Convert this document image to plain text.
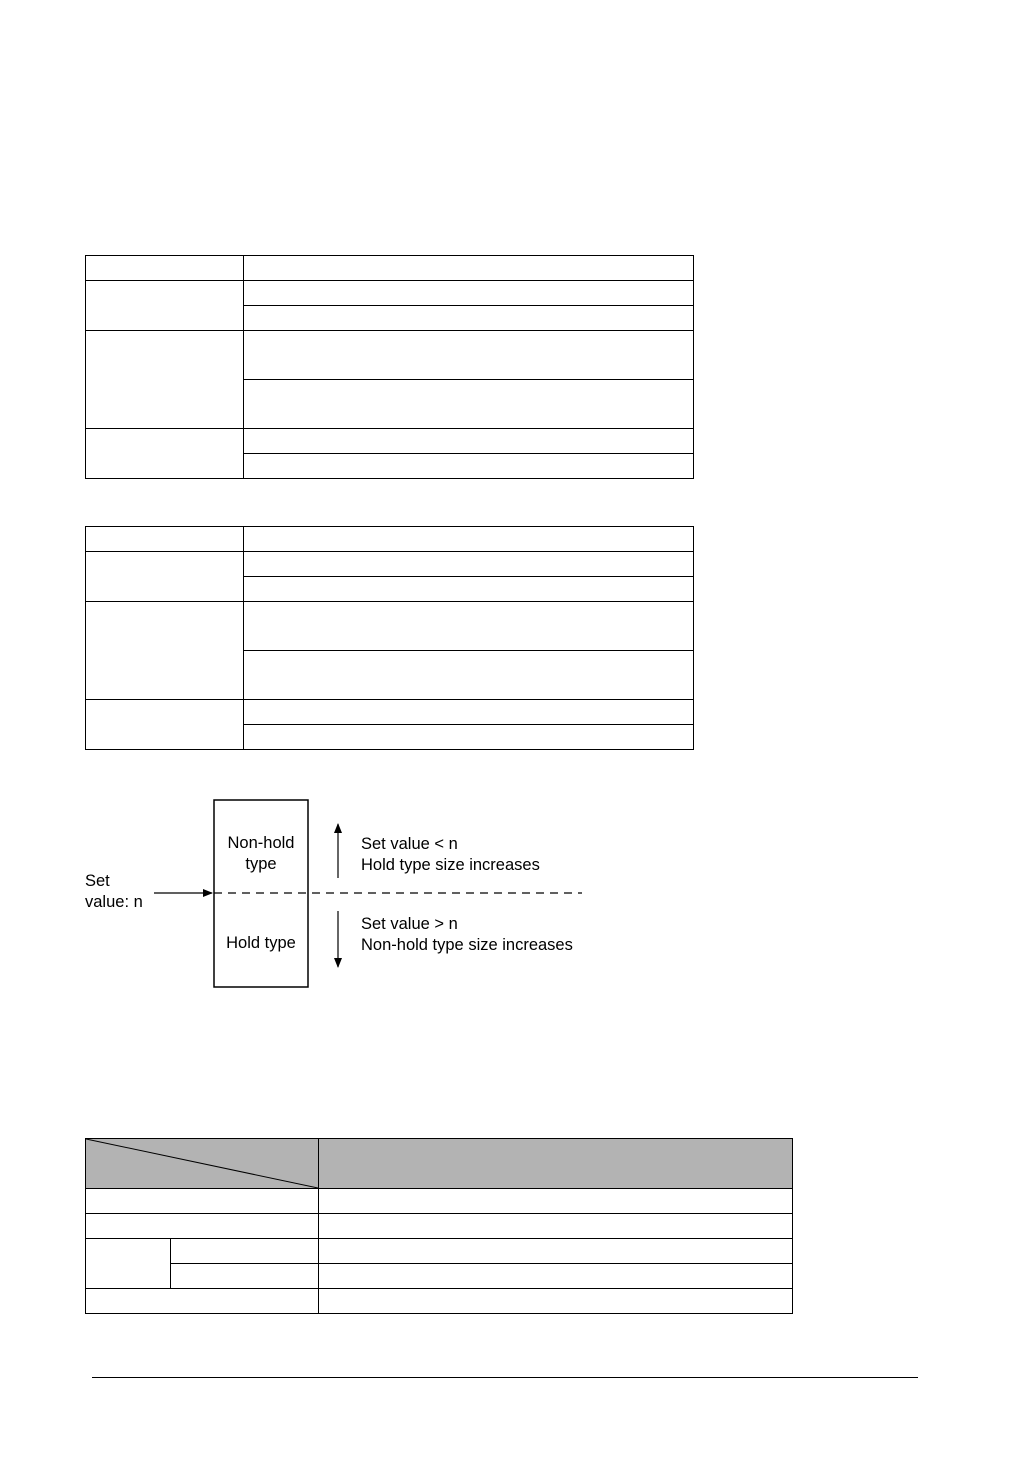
Non-hold
type
Hold type
Set
value: n
Set value < n
Hold type size increases
Set value > n
Non-hold type size increases
